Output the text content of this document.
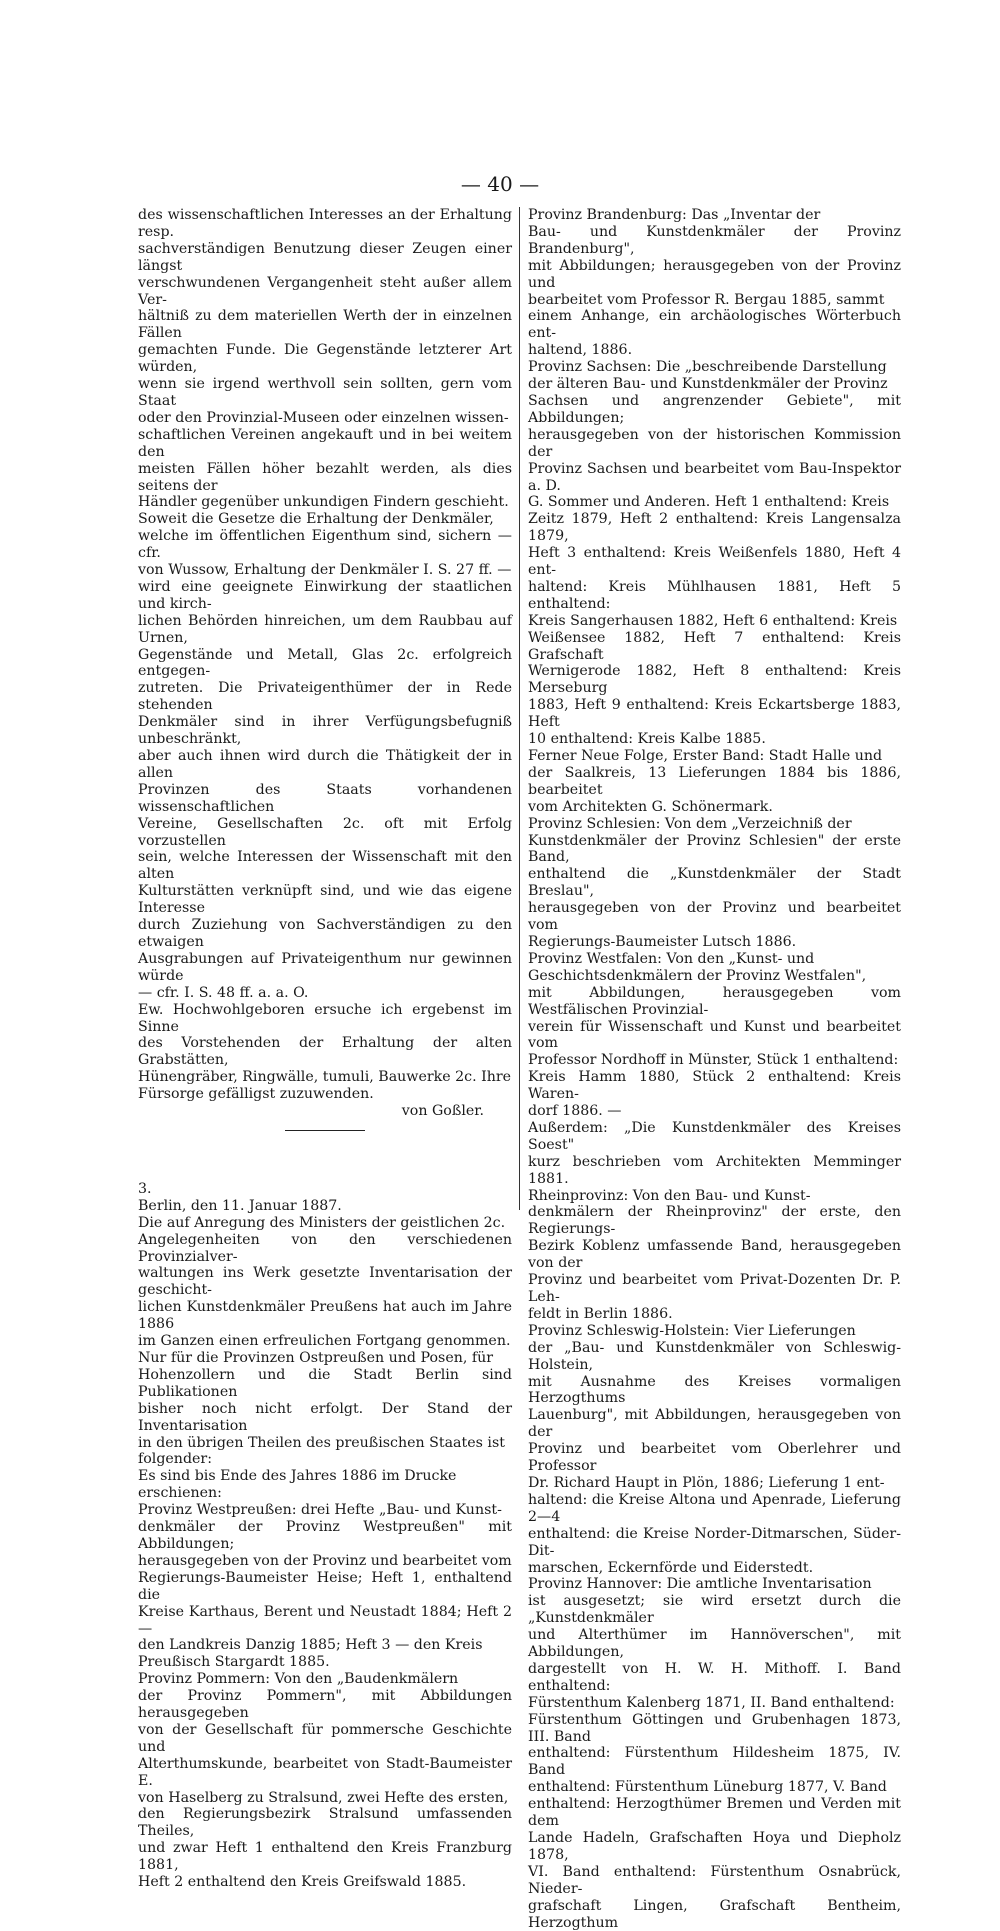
— 40 —

des wissenschaftlichen Interesses an der Erhaltung resp.
sachverständigen Benutzung dieser Zeugen einer längst
verschwundenen Vergangenheit steht außer allem Ver-
hältniß zu dem materiellen Werth der in einzelnen Fällen
gemachten Funde. Die Gegenstände letzterer Art würden,
wenn sie irgend werthvoll sein sollten, gern vom Staat
oder den Provinzial-Museen oder einzelnen wissen-
schaftlichen Vereinen angekauft und in bei weitem den
meisten Fällen höher bezahlt werden, als dies seitens der
Händler gegenüber unkundigen Findern geschieht.

Soweit die Gesetze die Erhaltung der Denkmäler,
welche im öffentlichen Eigenthum sind, sichern — cfr.
von Wussow, Erhaltung der Denkmäler I. S. 27 ff. —
wird eine geeignete Einwirkung der staatlichen und kirch-
lichen Behörden hinreichen, um dem Raubbau auf Urnen,
Gegenstände und Metall, Glas 2c. erfolgreich entgegen-
zutreten. Die Privateigenthümer der in Rede stehenden
Denkmäler sind in ihrer Verfügungsbefugniß unbeschränkt,
aber auch ihnen wird durch die Thätigkeit der in allen
Provinzen des Staats vorhandenen wissenschaftlichen
Vereine, Gesellschaften 2c. oft mit Erfolg vorzustellen
sein, welche Interessen der Wissenschaft mit den alten
Kulturstätten verknüpft sind, und wie das eigene Interesse
durch Zuziehung von Sachverständigen zu den etwaigen
Ausgrabungen auf Privateigenthum nur gewinnen würde
— cfr. I. S. 48 ff. a. a. O.

Ew. Hochwohlgeboren ersuche ich ergebenst im Sinne
des Vorstehenden der Erhaltung der alten Grabstätten,
Hünengräber, Ringwälle, tumuli, Bauwerke 2c. Ihre
Fürsorge gefälligst zuzuwenden.

von Goßler.

3.

Berlin, den 11. Januar 1887.

Die auf Anregung des Ministers der geistlichen 2c.
Angelegenheiten von den verschiedenen Provinzialver-
waltungen ins Werk gesetzte Inventarisation der geschicht-
lichen Kunstdenkmäler Preußens hat auch im Jahre 1886
im Ganzen einen erfreulichen Fortgang genommen.
Nur für die Provinzen Ostpreußen und Posen, für
Hohenzollern und die Stadt Berlin sind Publikationen
bisher noch nicht erfolgt. Der Stand der Inventarisation
in den übrigen Theilen des preußischen Staates ist
folgender:

Es sind bis Ende des Jahres 1886 im Drucke
erschienen:

Provinz Westpreußen: drei Hefte „Bau- und Kunst-
denkmäler der Provinz Westpreußen" mit Abbildungen;
herausgegeben von der Provinz und bearbeitet vom
Regierungs-Baumeister Heise; Heft 1, enthaltend die
Kreise Karthaus, Berent und Neustadt 1884; Heft 2 —
den Landkreis Danzig 1885; Heft 3 — den Kreis
Preußisch Stargardt 1885.

Provinz Pommern: Von den „Baudenkmälern
der Provinz Pommern", mit Abbildungen herausgegeben
von der Gesellschaft für pommersche Geschichte und
Alterthumskunde, bearbeitet von Stadt-Baumeister E.
von Haselberg zu Stralsund, zwei Hefte des ersten,
den Regierungsbezirk Stralsund umfassenden Theiles,
und zwar Heft 1 enthaltend den Kreis Franzburg 1881,
Heft 2 enthaltend den Kreis Greifswald 1885.

Provinz Brandenburg: Das „Inventar der
Bau- und Kunstdenkmäler der Provinz Brandenburg",
mit Abbildungen; herausgegeben von der Provinz und
bearbeitet vom Professor R. Bergau 1885, sammt
einem Anhange, ein archäologisches Wörterbuch ent-
haltend, 1886.

Provinz Sachsen: Die „beschreibende Darstellung
der älteren Bau- und Kunstdenkmäler der Provinz
Sachsen und angrenzender Gebiete", mit Abbildungen;
herausgegeben von der historischen Kommission der
Provinz Sachsen und bearbeitet vom Bau-Inspektor a. D.
G. Sommer und Anderen. Heft 1 enthaltend: Kreis
Zeitz 1879, Heft 2 enthaltend: Kreis Langensalza 1879,
Heft 3 enthaltend: Kreis Weißenfels 1880, Heft 4 ent-
haltend: Kreis Mühlhausen 1881, Heft 5 enthaltend:
Kreis Sangerhausen 1882, Heft 6 enthaltend: Kreis
Weißensee 1882, Heft 7 enthaltend: Kreis Grafschaft
Wernigerode 1882, Heft 8 enthaltend: Kreis Merseburg
1883, Heft 9 enthaltend: Kreis Eckartsberge 1883, Heft
10 enthaltend: Kreis Kalbe 1885.

Ferner Neue Folge, Erster Band: Stadt Halle und
der Saalkreis, 13 Lieferungen 1884 bis 1886, bearbeitet
vom Architekten G. Schönermark.

Provinz Schlesien: Von dem „Verzeichniß der
Kunstdenkmäler der Provinz Schlesien" der erste Band,
enthaltend die „Kunstdenkmäler der Stadt Breslau",
herausgegeben von der Provinz und bearbeitet vom
Regierungs-Baumeister Lutsch 1886.

Provinz Westfalen: Von den „Kunst- und
Geschichtsdenkmälern der Provinz Westfalen",
mit Abbildungen, herausgegeben vom Westfälischen Provinzial-
verein für Wissenschaft und Kunst und bearbeitet vom
Professor Nordhoff in Münster, Stück 1 enthaltend:
Kreis Hamm 1880, Stück 2 enthaltend: Kreis Waren-
dorf 1886. —

Außerdem: „Die Kunstdenkmäler des Kreises Soest"
kurz beschrieben vom Architekten Memminger 1881.

Rheinprovinz: Von den Bau- und Kunst-
denkmälern der Rheinprovinz" der erste, den Regierungs-
Bezirk Koblenz umfassende Band, herausgegeben von der
Provinz und bearbeitet vom Privat-Dozenten Dr. P. Leh-
feldt in Berlin 1886.

Provinz Schleswig-Holstein: Vier Lieferungen
der „Bau- und Kunstdenkmäler von Schleswig-Holstein,
mit Ausnahme des Kreises vormaligen Herzogthums
Lauenburg", mit Abbildungen, herausgegeben von der
Provinz und bearbeitet vom Oberlehrer und Professor
Dr. Richard Haupt in Plön, 1886; Lieferung 1 ent-
haltend: die Kreise Altona und Apenrade, Lieferung 2—4
enthaltend: die Kreise Norder-Ditmarschen, Süder-Dit-
marschen, Eckernförde und Eiderstedt.

Provinz Hannover: Die amtliche Inventarisation
ist ausgesetzt; sie wird ersetzt durch die „Kunstdenkmäler
und Alterthümer im Hannöverschen", mit Abbildungen,
dargestellt von H. W. H. Mithoff. I. Band enthaltend:
Fürstenthum Kalenberg 1871, II. Band enthaltend:
Fürstenthum Göttingen und Grubenhagen 1873, III. Band
enthaltend: Fürstenthum Hildesheim 1875, IV. Band
enthaltend: Fürstenthum Lüneburg 1877, V. Band
enthaltend: Herzogthümer Bremen und Verden mit dem
Lande Hadeln, Grafschaften Hoya und Diepholz 1878,
VI. Band enthaltend: Fürstenthum Osnabrück, Nieder-
grafschaft Lingen, Grafschaft Bentheim, Herzogthum
